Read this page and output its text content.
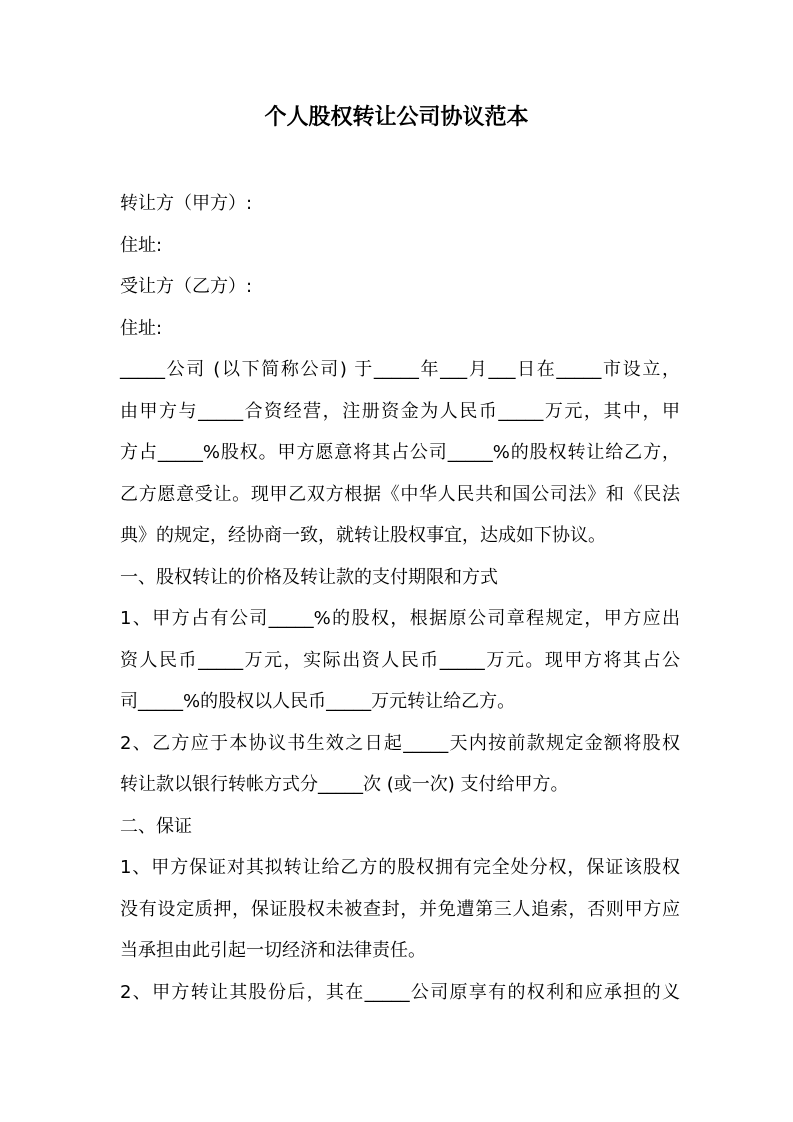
个人股权转让公司协议范本

转让方（甲方）:

住址:

受让方（乙方）:

住址:

_____公司 (以下简称公司) 于_____年___月___日在_____市设立，

由甲方与_____合资经营，注册资金为人民币_____万元，其中，甲

方占_____%股权。甲方愿意将其占公司_____%的股权转让给乙方，

乙方愿意受让。现甲乙双方根据《中华人民共和国公司法》和《民法

典》的规定，经协商一致，就转让股权事宜，达成如下协议。

一、股权转让的价格及转让款的支付期限和方式

1、甲方占有公司_____%的股权，根据原公司章程规定，甲方应出

资人民币_____万元，实际出资人民币_____万元。现甲方将其占公

司_____%的股权以人民币_____万元转让给乙方。

2、乙方应于本协议书生效之日起_____天内按前款规定金额将股权

转让款以银行转帐方式分_____次 (或一次) 支付给甲方。

二、保证

1、甲方保证对其拟转让给乙方的股权拥有完全处分权，保证该股权

没有设定质押，保证股权未被查封，并免遭第三人追索，否则甲方应

当承担由此引起一切经济和法律责任。

2、甲方转让其股份后，其在_____公司原享有的权利和应承担的义
